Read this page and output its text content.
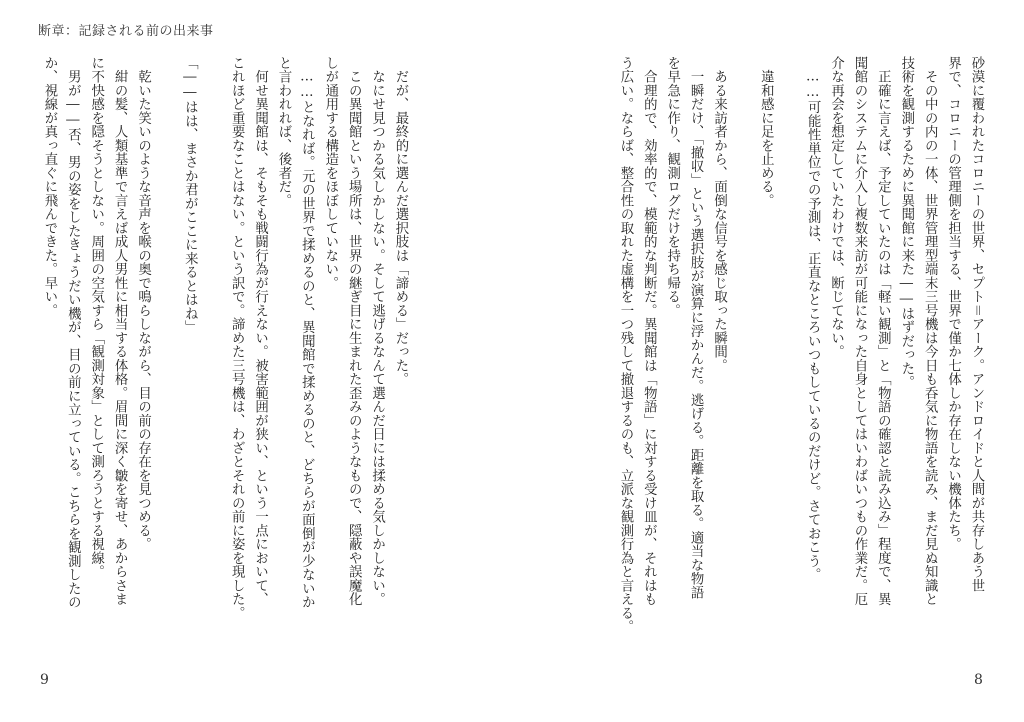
断章：記録される前の出来事

砂漠に覆われたコロニーの世界、セプト＝アーク。アンドロイドと人間が共存しあう世

界で、コロニーの管理側を担当する、世界で僅か七体しか存在しない機体たち。

　その中の内の一体、世界管理型端末三号機は今日も呑気に物語を読み、まだ見ぬ知識と

技術を観測するために異聞館に来た――はずだった。

　正確に言えば、予定していたのは「軽い観測」と「物語の確認と読み込み」程度で、異

聞館のシステムに介入し複数来訪が可能になった自身としてはいわばいつもの作業だ。厄

介な再会を想定していたわけでは、断じてない。

　……可能性単位での予測は、正直なところいつもしているのだけど。さておこう。

　違和感に足を止める。

　ある来訪者から、面倒な信号を感じ取った瞬間。

　一瞬だけ、「撤収」という選択肢が演算に浮かんだ。逃げる。距離を取る。適当な物語

を早急に作り、観測ログだけを持ち帰る。

　合理的で、効率的で、模範的な判断だ。異聞館は「物語」に対する受け皿が、それはも

う広い。ならば、整合性の取れた虚構を一つ残して撤退するのも、立派な観測行為と言える。

　だが、最終的に選んだ選択肢は「諦める」だった。

　なにせ見つかる気しかしない。そして逃げるなんて選んだ日には揉める気しかしない。

　この異聞館という場所は、世界の継ぎ目に生まれた歪みのようなもので、隠蔽や誤魔化

しが通用する構造をほぼしていない。

　……となれば。元の世界で揉めるのと、異聞館で揉めるのと、どちらが面倒が少ないか

と言われれば、後者だ。

　何せ異聞館は、そもそも戦闘行為が行えない。被害範囲が狭い、という一点において、

これほど重要なことはない。という訳で。諦めた三号機は、わざとそれの前に姿を現した。

「――はは、まさか君がここに来るとはね」

　乾いた笑いのような音声を喉の奥で鳴らしながら、目の前の存在を見つめる。

　紺の髪、人類基準で言えば成人男性に相当する体格。眉間に深く皺を寄せ、あからさま

に不快感を隠そうとしない。周囲の空気すら「観測対象」として測ろうとする視線。

　男が――否、男の姿をしたきょうだい機が、目の前に立っている。こちらを観測したの

か、視線が真っ直ぐに飛んできた。早い。

9	8
